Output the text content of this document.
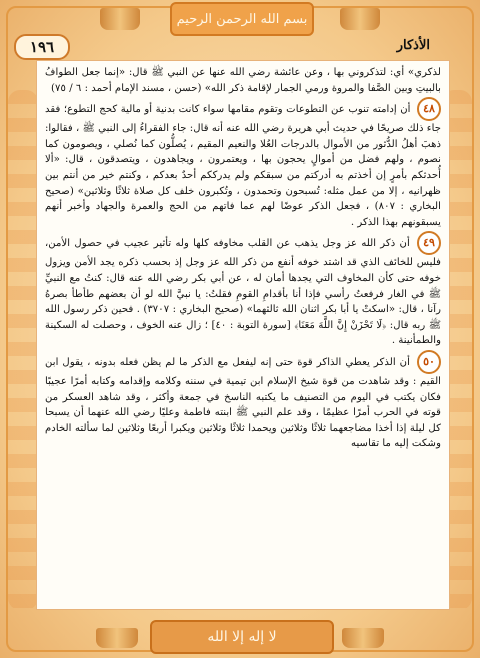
بسم الله الرحمن الرحيم
١٩٦	الأذكار

لذكري» أي: لتذكروني بها ، وعن عائشة رضي الله عنها عن النبي ﷺ قال: «إنما جعل الطوافُ بالبيتِ وبين الصَّفا والمروة ورمي الجمار لإقامة ذكر الله» (حسن ، مسند الإمام أحمد : ٦ / ٧٥)

٤٨ أن إدامته تنوب عن التطوعات وتقوم مقامها سواء كانت بدنية أو مالية كحج التطوع؛ فقد جاء ذلك صريحًا في حديث أبي هريرة رضي الله عنه أنه قال: جاء الفقراءُ إلى النبي ﷺ ، فقالوا: ذهبَ أهلُ الدُّثور من الأموال بالدرجات العُلا والنعيم المقيم ، يُصلُّون كما نُصلي ، ويصومون كما نصوم ، ولهم فضل من أموالٍ يحجون بها ، ويعتمرون ، ويجاهدون ، ويتصدقون ، قال: «ألا أُحدثكم بأمرٍ إن أخذتم به أدركتم من سبقكم ولم يدرككم أحدٌ بعدكم ، وكنتم خير من أنتم بين ظهرانيه ، إلا من عمل مثله: تُسبحون وتحمدون ، وتُكبرون خلف كل صلاة ثلاثًا وثلاثين» (صحيح البخاري : ٨٠٧) ، فجعل الذكر عوضًا لهم عما فاتهم من الحج والعمرة والجهاد وأخبر أنهم يسبقونهم بهذا الذكر .

٤٩ أن ذكر الله عز وجل يذهب عن القلب مخاوفه كلها وله تأثير عجيب في حصول الأمن، فليس للخائف الذي قد اشتد خوفه أنفع من ذكر الله عز وجل إذ بحسب ذكره يجد الأمن ويزول خوفه حتى كأن المخاوف التي يجدها أمان له ، عن أبي بكر رضي الله عنه قال: كنتُ مع النبيِّ ﷺ في الغار فرفعتُ رأسي فإذا أنا بأقدامِ القومِ فقلتُ: يا نبيَّ الله لو أن بعضهم طأطأ بصرهُ رآنا ، قال: «اسكتْ يا أبا بكر اثنان الله ثالثهما» (صحيح البخاري : ٣٧٠٧) . فحين ذكر رسول الله ﷺ ربه قال: ﴿لَا تَحْزَنْ إِنَّ اللَّهَ مَعَنَا﴾ [سورة التوبة : ٤٠] ؛ زال عنه الخوف ، وحصلت له السكينة والطمأنينة .

٥٠ أن الذكر يعطي الذاكر قوة حتى إنه ليفعل مع الذكر ما لم يظن فعله بدونه ، يقول ابن القيم : وقد شاهدت من قوة شيخ الإسلام ابن تيمية في سننه وكلامه وإقدامه وكتابه أمرًا عجيبًا فكان يكتب في اليوم من التصنيف ما يكتبه الناسخ في جمعة وأكثر ، وقد شاهد العسكر من قوته في الحرب أمرًا عظيمًا ، وقد علم النبي ﷺ ابنته فاطمة وعليًا رضي الله عنهما أن يسبحا كل ليلة إذا أخذا مضاجعهما ثلاثًا وثلاثين ويحمدا ثلاثًا وثلاثين ويكبرا أربعًا وثلاثين لما سألته الخادم وشكت إليه ما تقاسيه

لا إله إلا الله
